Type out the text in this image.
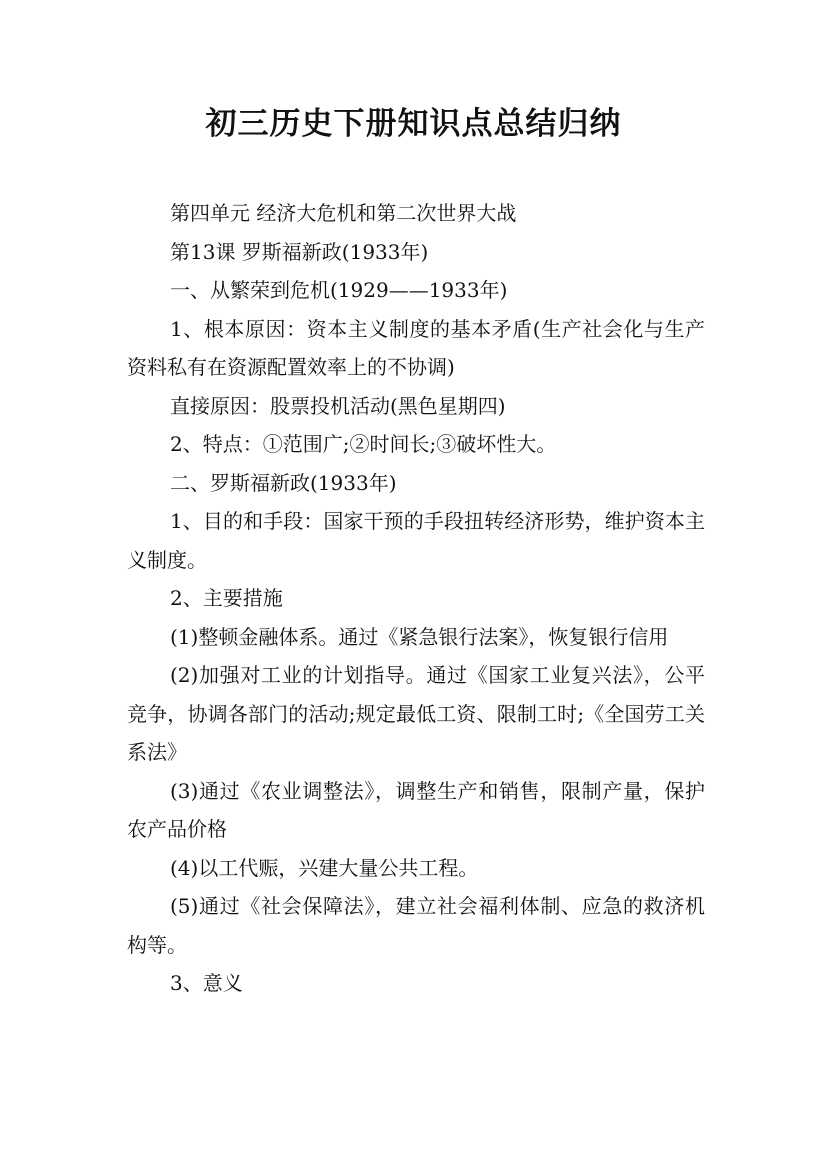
初三历史下册知识点总结归纳

第四单元 经济大危机和第二次世界大战

第13课 罗斯福新政(1933年)

一、从繁荣到危机(1929——1933年)

1、根本原因：资本主义制度的基本矛盾(生产社会化与生产资料私有在资源配置效率上的不协调)

直接原因：股票投机活动(黑色星期四)

2、特点：①范围广;②时间长;③破坏性大。

二、罗斯福新政(1933年)

1、目的和手段：国家干预的手段扭转经济形势，维护资本主义制度。

2、主要措施

(1)整顿金融体系。通过《紧急银行法案》，恢复银行信用

(2)加强对工业的计划指导。通过《国家工业复兴法》，公平竞争，协调各部门的活动;规定最低工资、限制工时;《全国劳工关系法》

(3)通过《农业调整法》，调整生产和销售，限制产量，保护农产品价格

(4)以工代赈，兴建大量公共工程。

(5)通过《社会保障法》，建立社会福利体制、应急的救济机构等。

3、意义
